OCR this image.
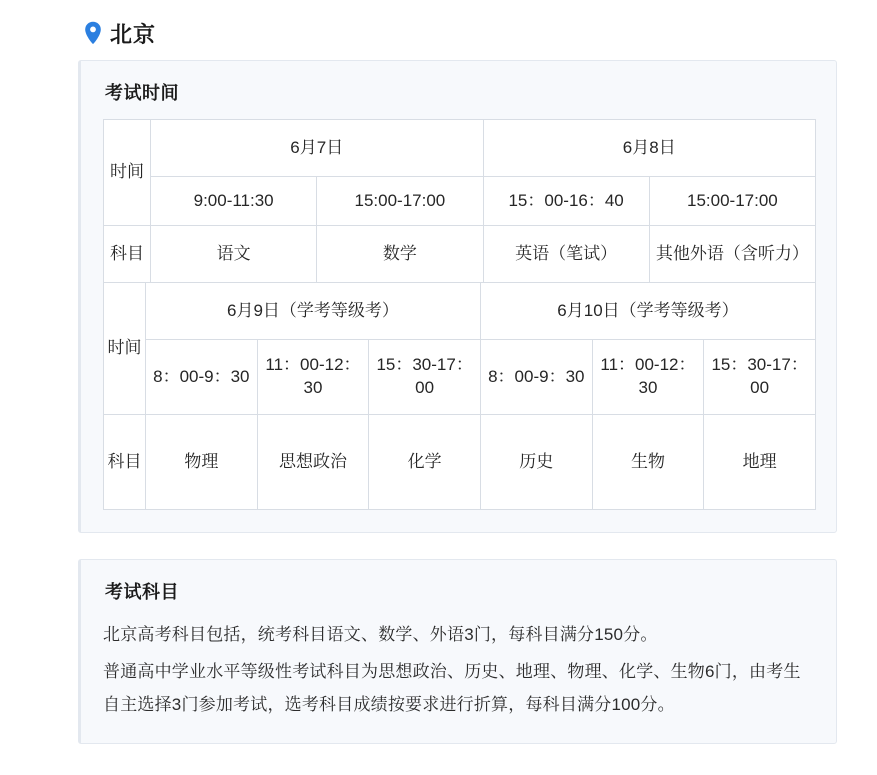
北京
考试时间
时间	6月7日		6月8日	
	9:00-11:30	15:00-17:00	15：00-16：40	15:00-17:00
科目	语文	数学	英语（笔试）	其他外语（含听力）
时间	6月9日（学考等级考）			6月10日（学考等级考）		
	8：00-9：30	11：00-12：30	15：30-17：00	8：00-9：30	11：00-12：30	15：30-17：00
科目	物理	思想政治	化学	历史	生物	地理
考试科目

北京高考科目包括，统考科目语文、数学、外语3门，每科目满分150分。

普通高中学业水平等级性考试科目为思想政治、历史、地理、物理、化学、生物6门，由考生自主选择3门参加考试，选考科目成绩按要求进行折算，每科目满分100分。
